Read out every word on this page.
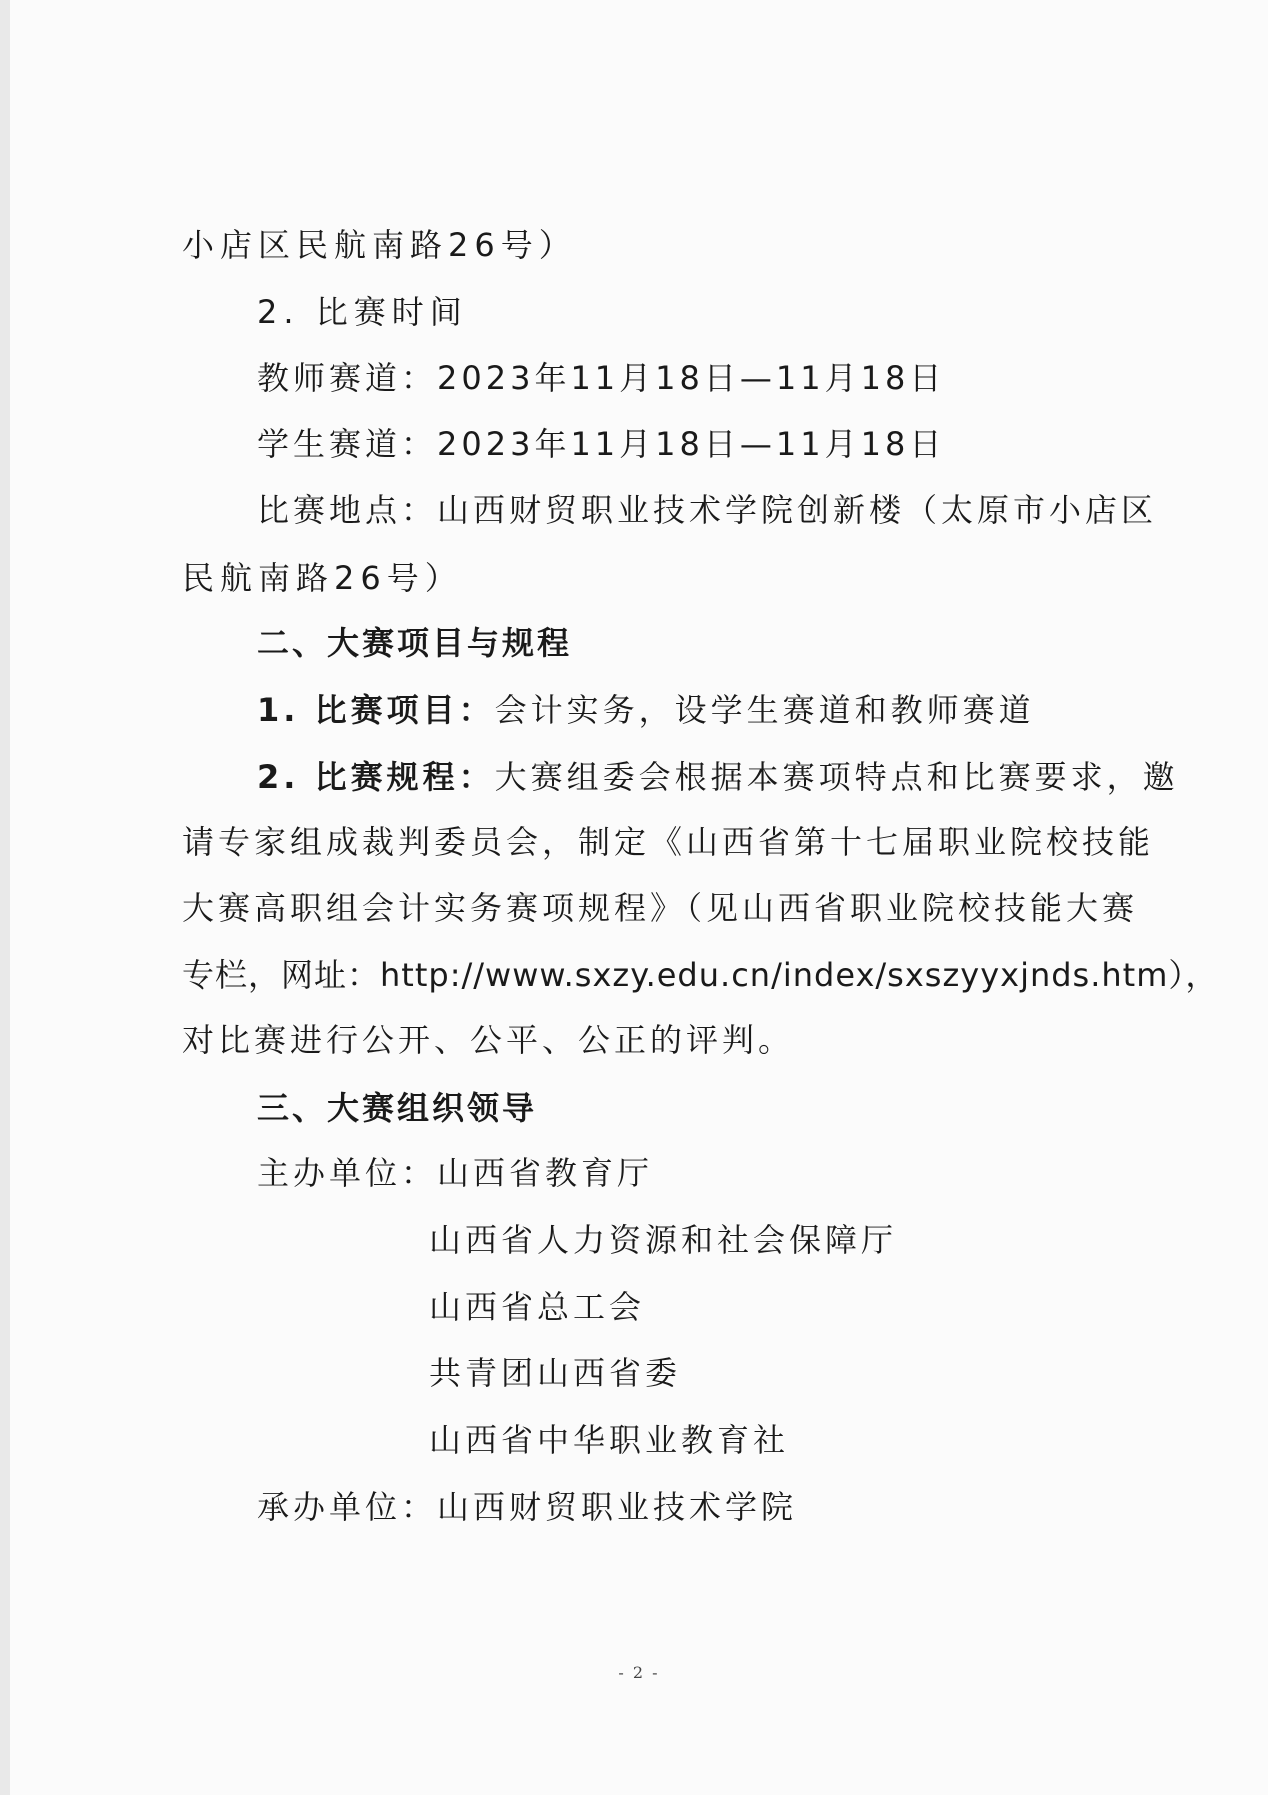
小店区民航南路26号）
2. 比赛时间
教师赛道：2023年11月18日—11月18日
学生赛道：2023年11月18日—11月18日
比赛地点：山西财贸职业技术学院创新楼（太原市小店区
民航南路26号）
二、大赛项目与规程
1. 比赛项目：会计实务，设学生赛道和教师赛道
2. 比赛规程：大赛组委会根据本赛项特点和比赛要求，邀
请专家组成裁判委员会，制定《山西省第十七届职业院校技能
大赛高职组会计实务赛项规程》（见山西省职业院校技能大赛
专栏，网址：http://www.sxzy.edu.cn/index/sxszyyxjnds.htm），
对比赛进行公开、公平、公正的评判。
三、大赛组织领导
主办单位：山西省教育厅
山西省人力资源和社会保障厅
山西省总工会
共青团山西省委
山西省中华职业教育社
承办单位：山西财贸职业技术学院
- 2 -
